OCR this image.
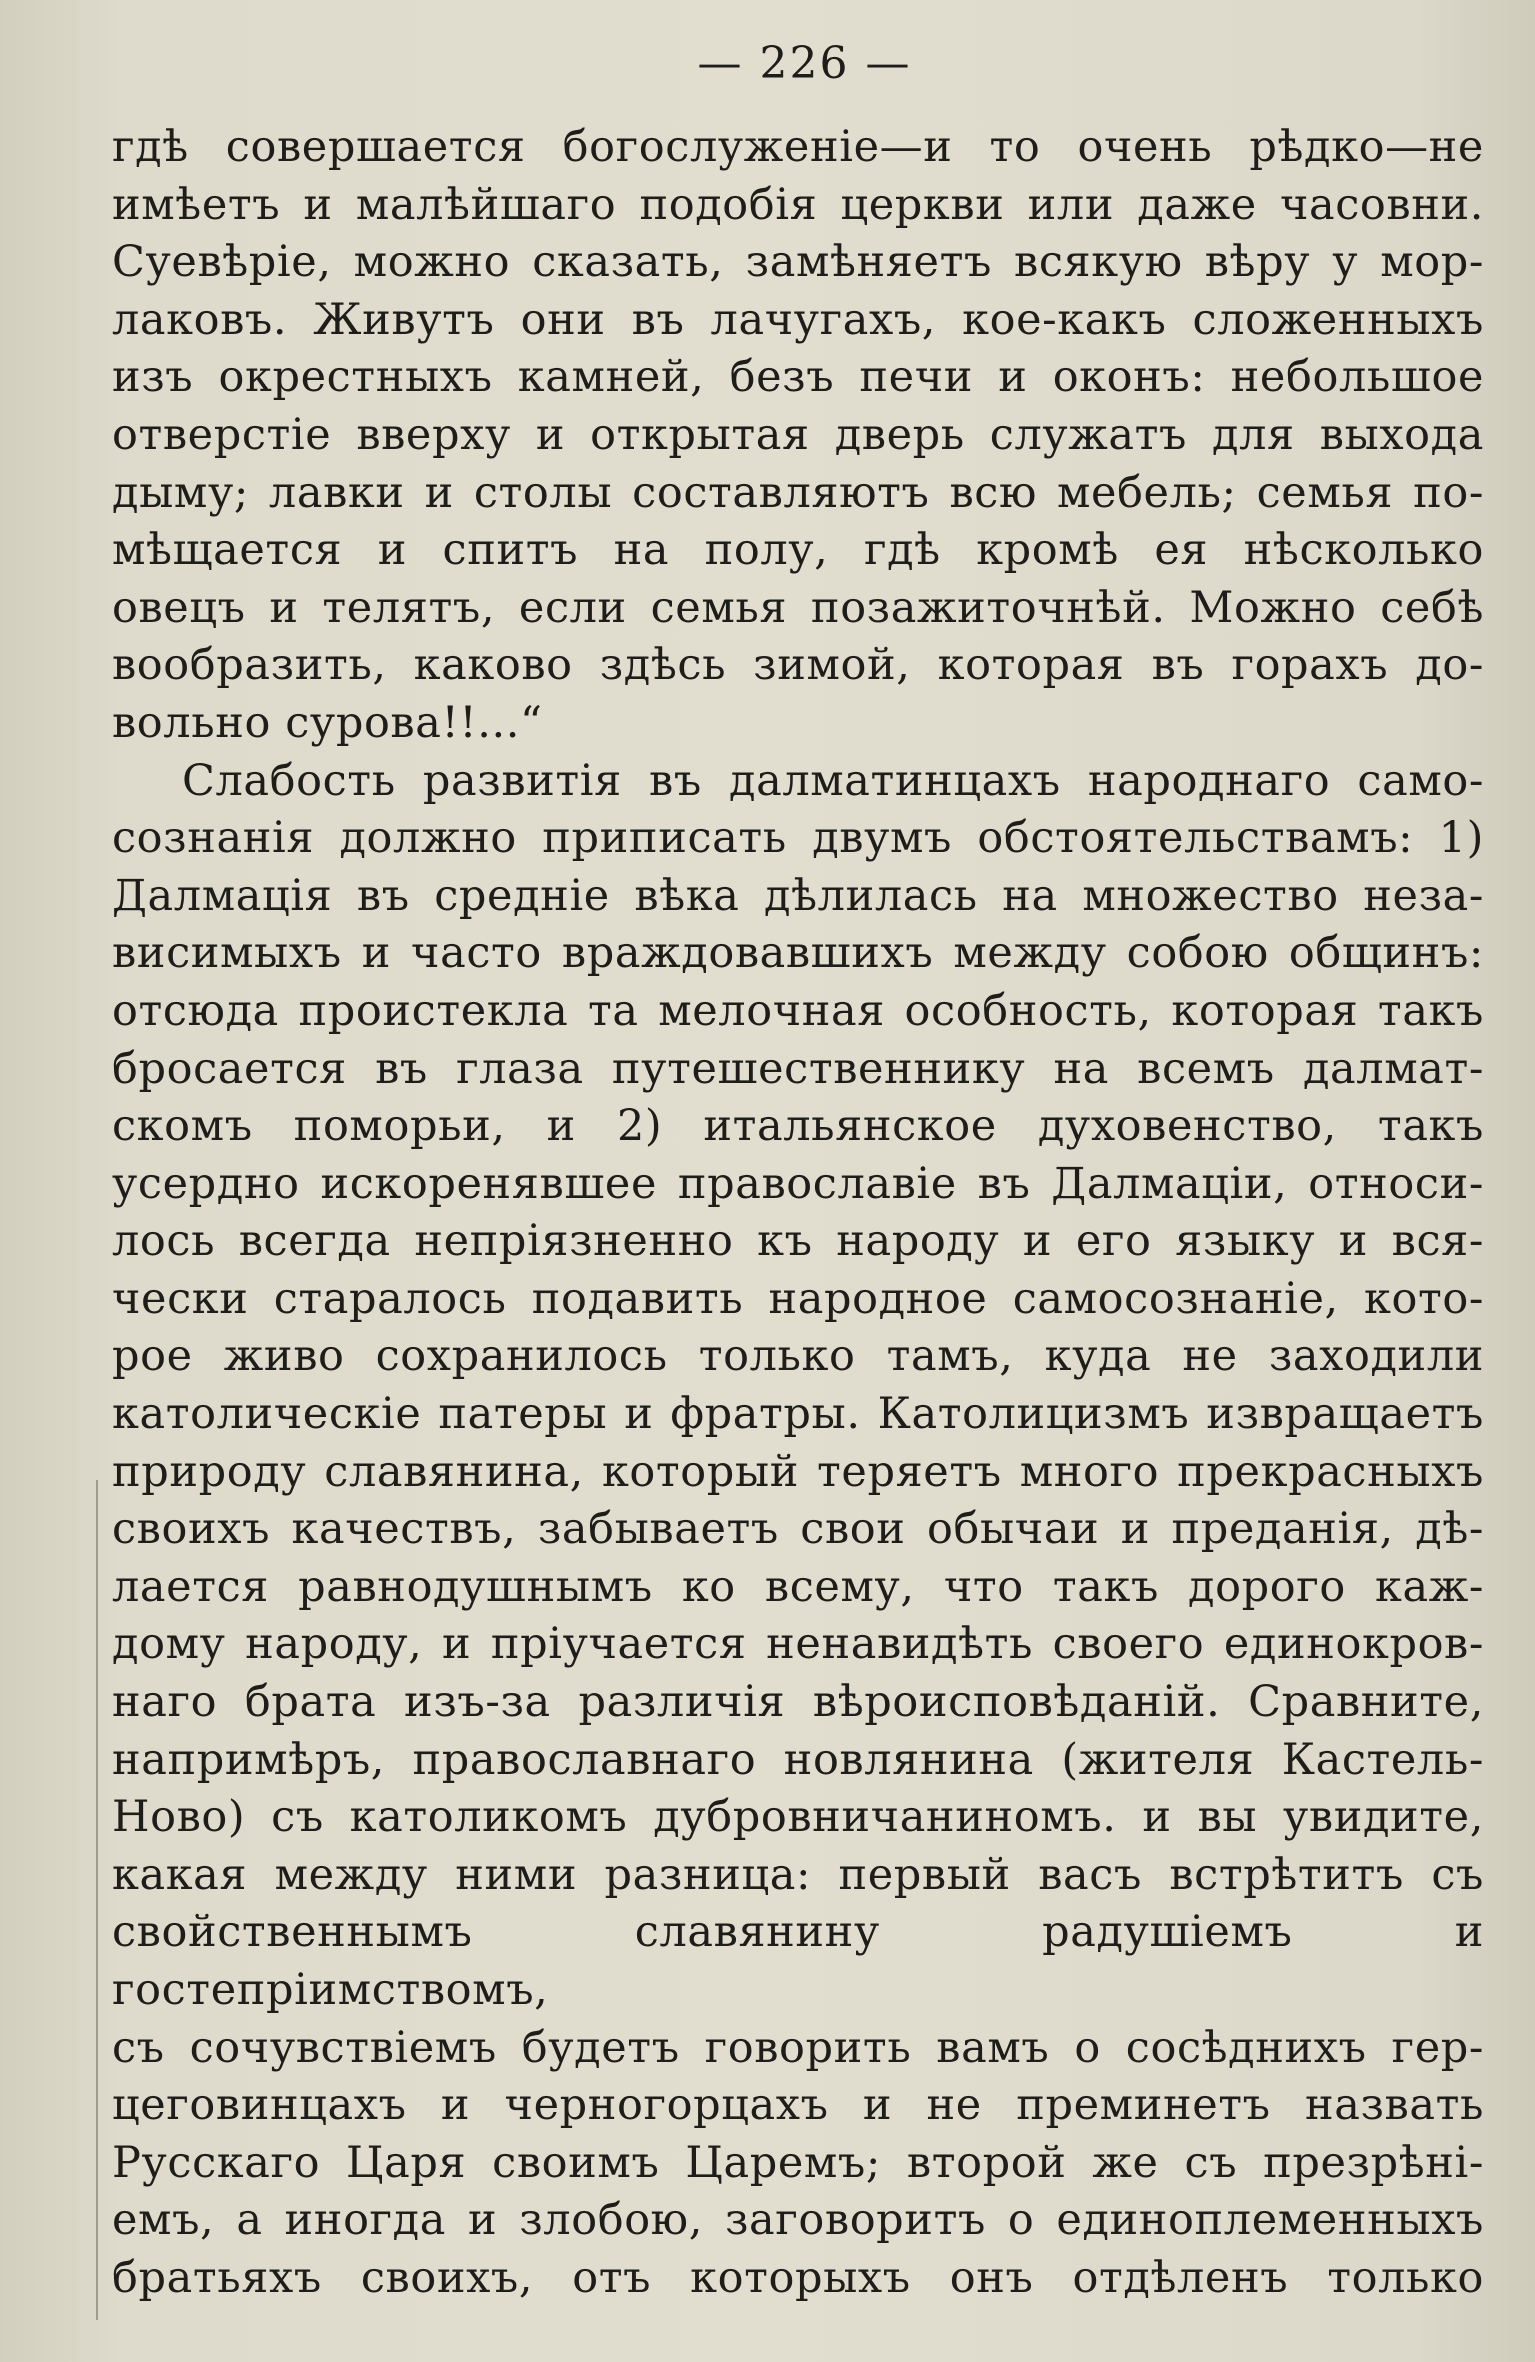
— 226 —

гдѣ совершается богослуженіе—и то очень рѣдко—не

имѣетъ и малѣйшаго подобія церкви или даже часовни.

Суевѣріе, можно сказать, замѣняетъ всякую вѣру у мор-

лаковъ. Живутъ они въ лачугахъ, кое-какъ сложенныхъ

изъ окрестныхъ камней, безъ печи и оконъ: небольшое

отверстіе вверху и открытая дверь служатъ для выхода

дыму; лавки и столы составляютъ всю мебель; семья по-

мѣщается и спитъ на полу, гдѣ кромѣ ея нѣсколько

овецъ и телятъ, если семья позажиточнѣй. Можно себѣ

вообразить, каково здѣсь зимой, которая въ горахъ до-

вольно сурова!!...“

Слабость развитія въ далматинцахъ народнаго само-

сознанія должно приписать двумъ обстоятельствамъ: 1)

Далмація въ средніе вѣка дѣлилась на множество неза-

висимыхъ и часто враждовавшихъ между собою общинъ:

отсюда проистекла та мелочная особность, которая такъ

бросается въ глаза путешественнику на всемъ далмат-

скомъ поморьи, и 2) итальянское духовенство, такъ

усердно искоренявшее православіе въ Далмаціи, относи-

лось всегда непріязненно къ народу и его языку и вся-

чески старалось подавить народное самосознаніе, кото-

рое живо сохранилось только тамъ, куда не заходили

католическіе патеры и фратры. Католицизмъ извращаетъ

природу славянина, который теряетъ много прекрасныхъ

своихъ качествъ, забываетъ свои обычаи и преданія, дѣ-

лается равнодушнымъ ко всему, что такъ дорого каж-

дому народу, и пріучается ненавидѣть своего единокров-

наго брата изъ-за различія вѣроисповѣданій. Сравните,

напримѣръ, православнаго новлянина (жителя Кастель-

Ново) съ католикомъ дубровничаниномъ. и вы увидите,

какая между ними разница: первый васъ встрѣтитъ съ

свойственнымъ славянину радушіемъ и гостепріимствомъ,

съ сочувствіемъ будетъ говорить вамъ о сосѣднихъ гер-

цеговинцахъ и черногорцахъ и не преминетъ назвать

Русскаго Царя своимъ Царемъ; второй же съ презрѣні-

емъ, а иногда и злобою, заговоритъ о единоплеменныхъ

братьяхъ своихъ, отъ которыхъ онъ отдѣленъ только
